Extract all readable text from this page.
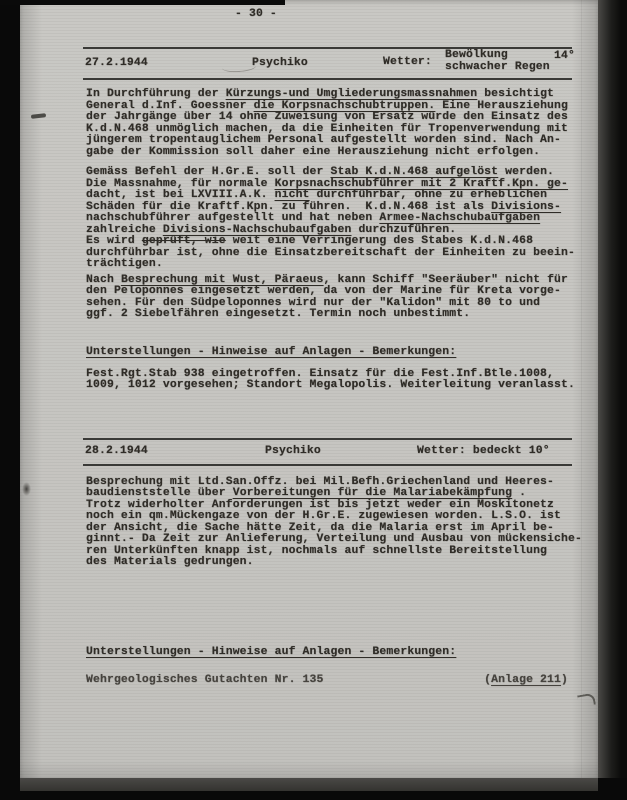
- 30 -
27.2.1944	Psychiko	Wetter:
Bewölkung
schwacher Regen
14°
In Durchführung der Kürzungs-und Umgliederungsmassnahmen besichtigt
General d.Inf. Goessner die Korpsnachschubtruppen. Eine Herausziehung
der Jahrgänge über 14 ohne Zuweisung von Ersatz würde den Einsatz des
K.d.N.468 unmöglich machen, da die Einheiten für Tropenverwendung mit
jüngerem tropentauglichem Personal aufgestellt worden sind. Nach An-
gabe der Kommission soll daher eine Herausziehung nicht erfolgen.
Gemäss Befehl der H.Gr.E. soll der Stab K.d.N.468 aufgelöst werden.
Die Massnahme, für normale Korpsnachschubführer mit 2 Kraftf.Kpn. ge-
dacht, ist bei LXVIII.A.K. nicht durchführbar, ohne zu erheblichen
Schäden für die Kraftf.Kpn. zu führen.  K.d.N.468 ist als Divisions-
nachschubführer aufgestellt und hat neben Armee-Nachschubaufgaben
zahlreiche Divisions-Nachschubaufgaben durchzuführen.
Es wird geprüft, wie weit eine Verringerung des Stabes K.d.N.468
durchführbar ist, ohne die Einsatzbereitschaft der Einheiten zu beein-
trächtigen.
Nach Besprechung mit Wust, Päraeus, kann Schiff "Seeräuber" nicht für
den Peloponnes eingesetzt werden, da von der Marine für Kreta vorge-
sehen. Für den Südpeloponnes wird nur der "Kalidon" mit 80 to und
ggf. 2 Siebelfähren eingesetzt. Termin noch unbestimmt.
Unterstellungen - Hinweise auf Anlagen - Bemerkungen:
Fest.Rgt.Stab 938 eingetroffen. Einsatz für die Fest.Inf.Btle.1008,
1009, 1012 vorgesehen; Standort Megalopolis. Weiterleitung veranlasst.
28.2.1944	Psychiko	Wetter: bedeckt 10°
Besprechung mit Ltd.San.Offz. bei Mil.Befh.Griechenland und Heeres-
baudienststelle über Vorbereitungen für die Malariabekämpfung .
Trotz widerholter Anforderungen ist bis jetzt weder ein Moskitonetz
noch ein qm.Mückengaze von der H.Gr.E. zugewiesen worden. L.S.O. ist
der Ansicht, die Sache hätte Zeit, da die Malaria erst im April be-
ginnt.- Da Zeit zur Anlieferung, Verteilung und Ausbau von mückensiche-
ren Unterkünften knapp ist, nochmals auf schnellste Bereitstellung
des Materials gedrungen.
Unterstellungen - Hinweise auf Anlagen - Bemerkungen:
Wehrgeologisches Gutachten Nr. 135	(Anlage 211)
